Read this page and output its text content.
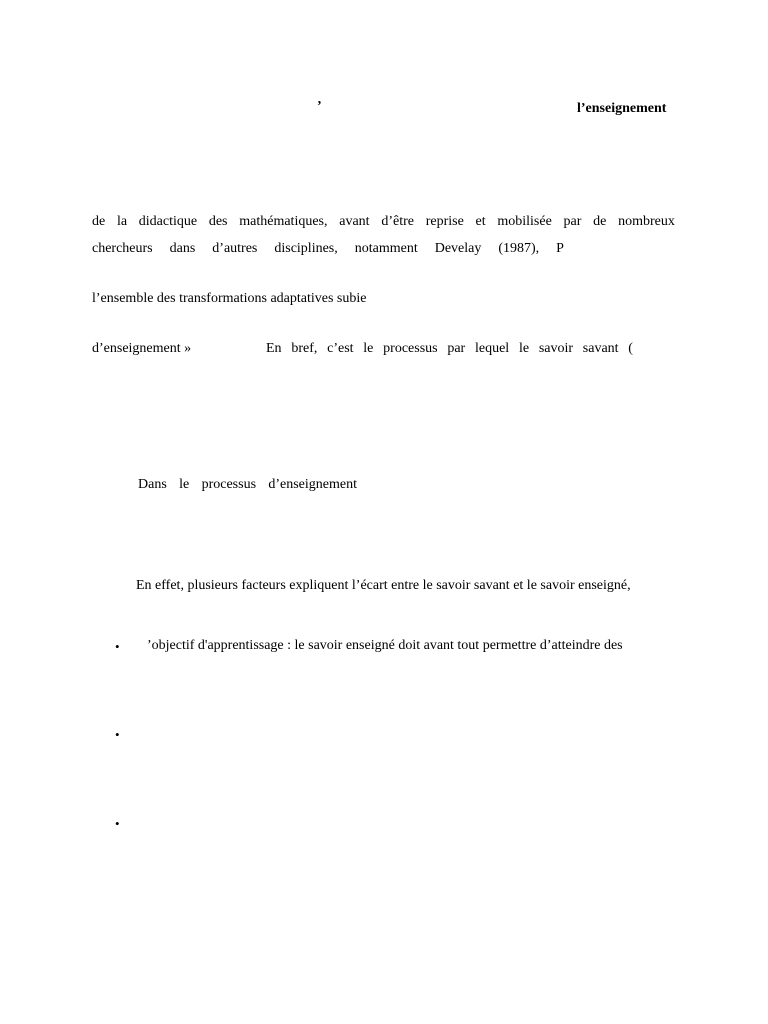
’	l’enseignement
de la didactique des mathématiques, avant d’être reprise et mobilisée par de nombreux
chercheurs dans d’autres disciplines, notamment Develay (1987), P
l’ensemble des transformations adaptatives subie
d’enseignement »	En bref, c’est le processus par lequel le savoir savant (
Dans le processus d’enseignement
En effet, plusieurs facteurs expliquent l’écart entre le savoir savant et le savoir enseigné,
• ’objectif d'apprentissage : le savoir enseigné doit avant tout permettre d’atteindre des
•
•
